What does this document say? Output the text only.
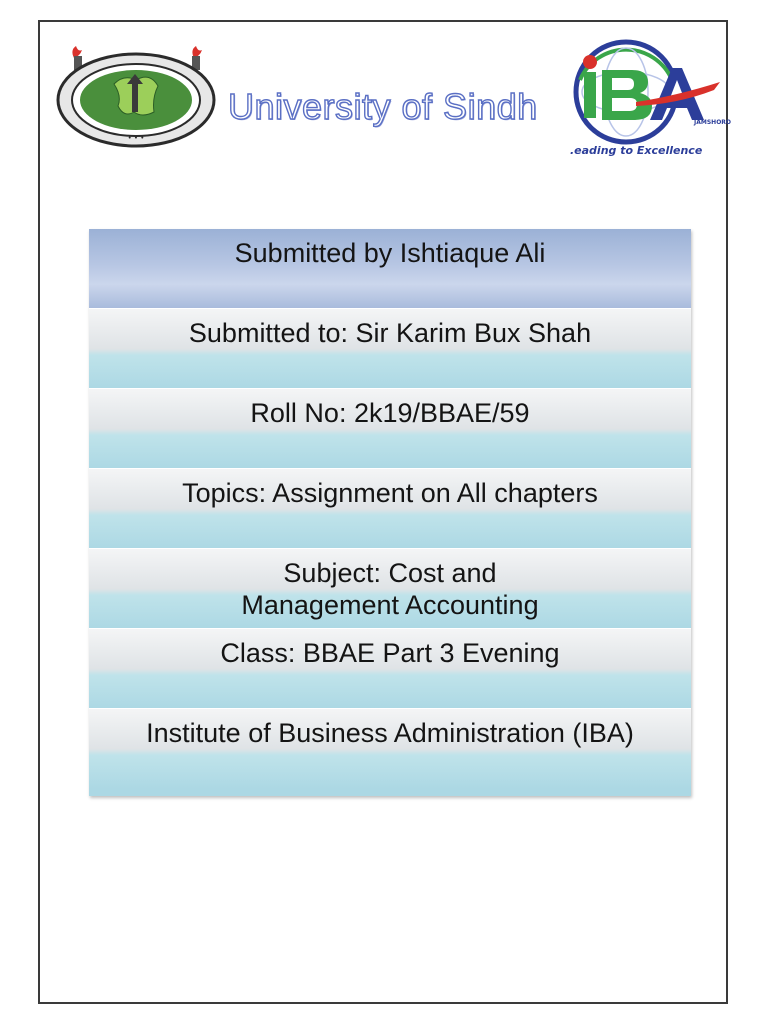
• • •
University of Sindh	JAMSHORO
.eading to Excellence
Submitted by Ishtiaque Ali
Submitted to: Sir Karim Bux Shah
Roll No: 2k19/BBAE/59
Topics: Assignment on All chapters
Subject: Cost and Management Accounting
Class: BBAE Part 3 Evening
Institute of Business Administration (IBA)
